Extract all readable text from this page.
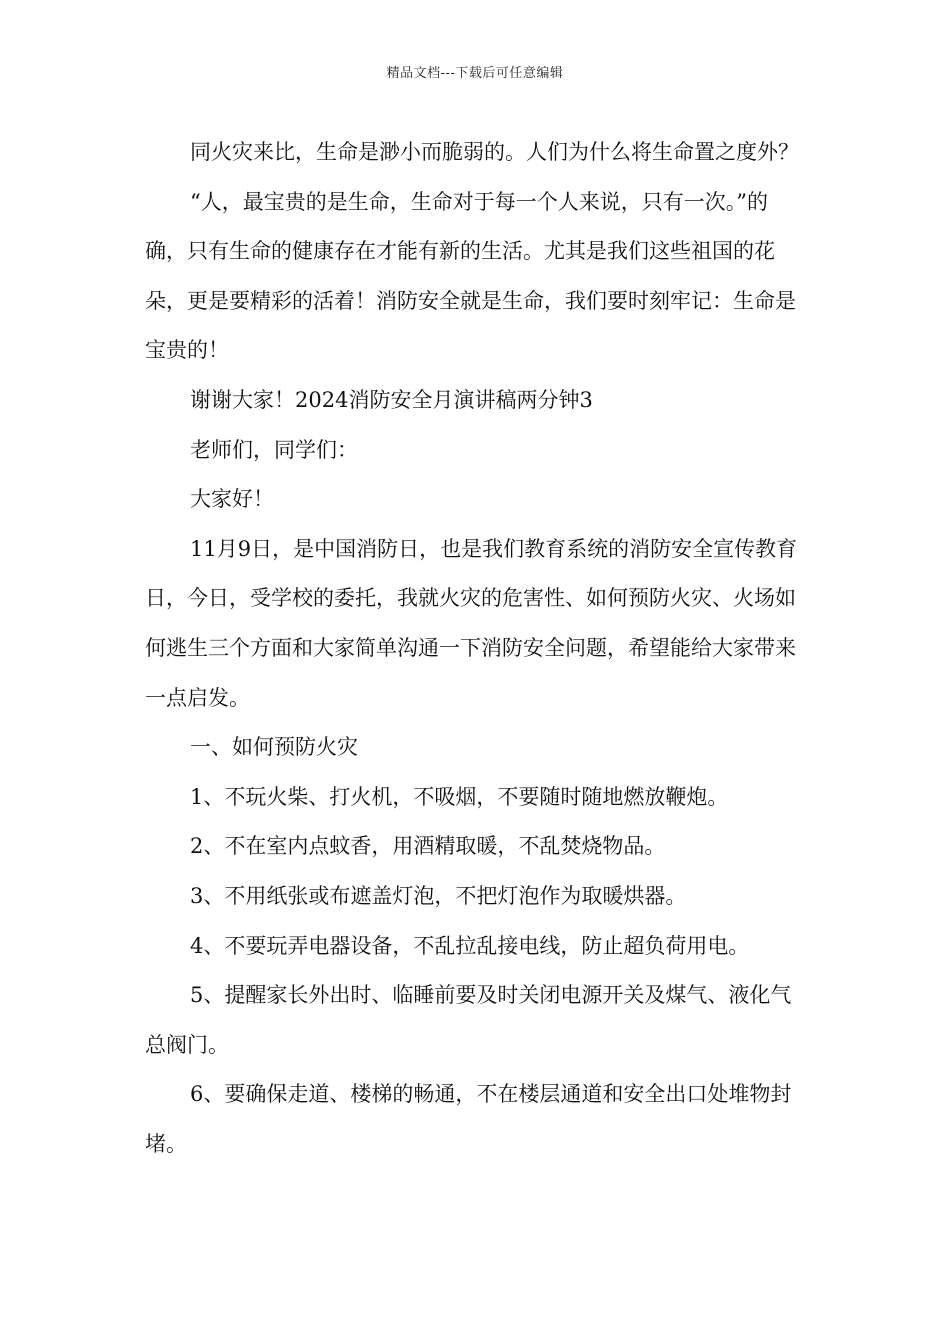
精品文档---下载后可任意编辑

同火灾来比，生命是渺小而脆弱的。人们为什么将生命置之度外？

“人，最宝贵的是生命，生命对于每一个人来说，只有一次。”的确，只有生命的健康存在才能有新的生活。尤其是我们这些祖国的花朵，更是要精彩的活着！消防安全就是生命，我们要时刻牢记：生命是宝贵的！

谢谢大家！2024消防安全月演讲稿两分钟3

老师们，同学们：

大家好！

11月9日，是中国消防日，也是我们教育系统的消防安全宣传教育日，今日，受学校的委托，我就火灾的危害性、如何预防火灾、火场如何逃生三个方面和大家简单沟通一下消防安全问题，希望能给大家带来一点启发。

一、如何预防火灾

1、不玩火柴、打火机，不吸烟，不要随时随地燃放鞭炮。

2、不在室内点蚊香，用酒精取暖，不乱焚烧物品。

3、不用纸张或布遮盖灯泡，不把灯泡作为取暖烘器。

4、不要玩弄电器设备，不乱拉乱接电线，防止超负荷用电。

5、提醒家长外出时、临睡前要及时关闭电源开关及煤气、液化气总阀门。

6、要确保走道、楼梯的畅通，不在楼层通道和安全出口处堆物封堵。
